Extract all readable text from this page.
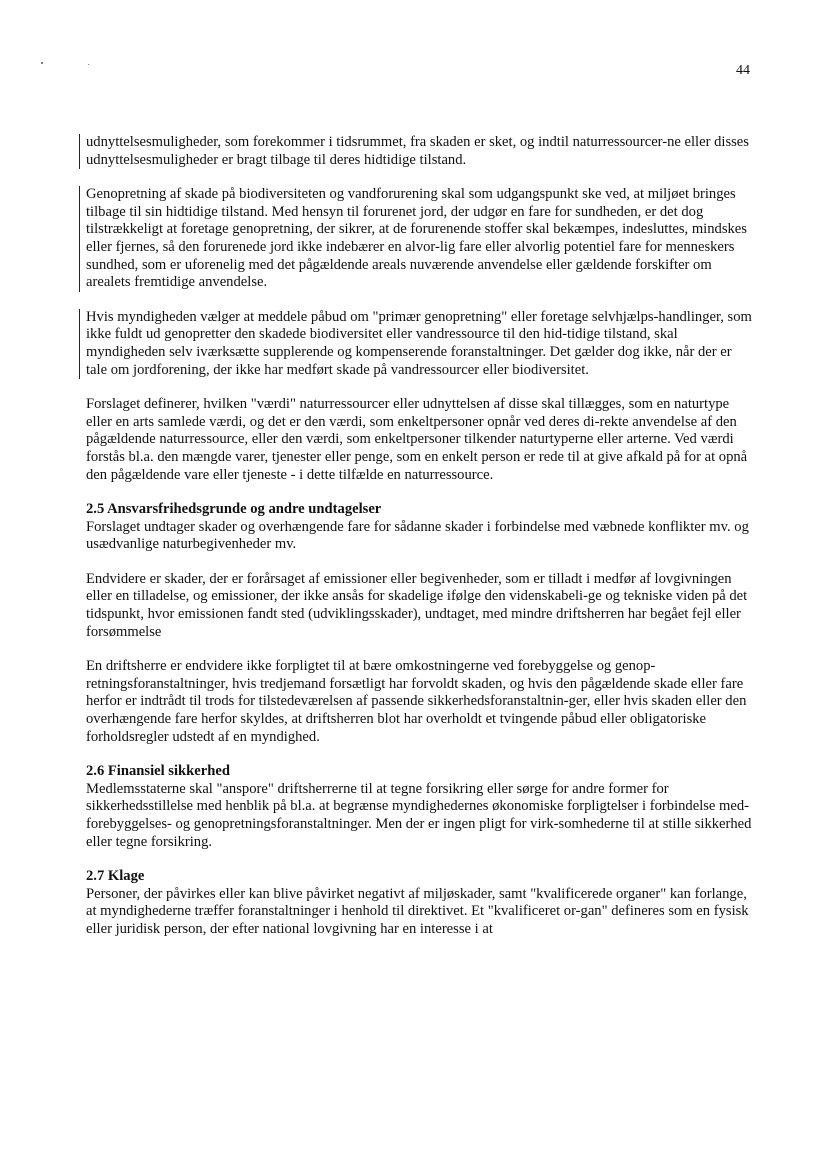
44

udnyttelsesmuligheder, som forekommer i tidsrummet, fra skaden er sket, og indtil naturressourcer-ne eller disses udnyttelsesmuligheder er bragt tilbage til deres hidtidige tilstand.

Genopretning af skade på biodiversiteten og vandforurening skal som udgangspunkt ske ved, at miljøet bringes tilbage til sin hidtidige tilstand. Med hensyn til forurenet jord, der udgør en fare for sundheden, er det dog tilstrækkeligt at foretage genopretning, der sikrer, at de forurenende stoffer skal bekæmpes, indesluttes, mindskes eller fjernes, så den forurenede jord ikke indebærer en alvor-lig fare eller alvorlig potentiel fare for menneskers sundhed, som er uforenelig med det pågældende areals nuværende anvendelse eller gældende forskifter om arealets fremtidige anvendelse.

Hvis myndigheden vælger at meddele påbud om "primær genopretning" eller foretage selvhjælps-handlinger, som ikke fuldt ud genopretter den skadede biodiversitet eller vandressource til den hid-tidige tilstand, skal myndigheden selv iværksætte supplerende og kompenserende foranstaltninger. Det gælder dog ikke, når der er tale om jordforening, der ikke har medført skade på vandressourcer eller biodiversitet.

Forslaget definerer, hvilken "værdi" naturressourcer eller udnyttelsen af disse skal tillægges, som en naturtype eller en arts samlede værdi, og det er den værdi, som enkeltpersoner opnår ved deres di-rekte anvendelse af den pågældende naturressource, eller den værdi, som enkeltpersoner tilkender naturtyperne eller arterne. Ved værdi forstås bl.a. den mængde varer, tjenester eller penge, som en enkelt person er rede til at give afkald på for at opnå den pågældende vare eller tjeneste - i dette tilfælde en naturressource.

2.5 Ansvarsfrihedsgrunde og andre undtagelser

Forslaget undtager skader og overhængende fare for sådanne skader i forbindelse med væbnede konflikter mv. og usædvanlige naturbegivenheder mv.

Endvidere er skader, der er forårsaget af emissioner eller begivenheder, som er tilladt i medfør af lovgivningen eller en tilladelse, og emissioner, der ikke ansås for skadelige ifølge den videnskabeli-ge og tekniske viden på det tidspunkt, hvor emissionen fandt sted (udviklingsskader), undtaget, med mindre driftsherren har begået fejl eller forsømmelse

En driftsherre er endvidere ikke forpligtet til at bære omkostningerne ved forebyggelse og genop-retningsforanstaltninger, hvis tredjemand forsætligt har forvoldt skaden, og hvis den pågældende skade eller fare herfor er indtrådt til trods for tilstedeværelsen af passende sikkerhedsforanstaltnin-ger, eller hvis skaden eller den overhængende fare herfor skyldes, at driftsherren blot har overholdt et tvingende påbud eller obligatoriske forholdsregler udstedt af en myndighed.

2.6 Finansiel sikkerhed

Medlemsstaterne skal "anspore" driftsherrerne til at tegne forsikring eller sørge for andre former for sikkerhedsstillelse med henblik på bl.a. at begrænse myndighedernes økonomiske forpligtelser i forbindelse med-forebyggelses- og genopretningsforanstaltninger. Men der er ingen pligt for virk-somhederne til at stille sikkerhed eller tegne forsikring.

2.7 Klage

Personer, der påvirkes eller kan blive påvirket negativt af miljøskader, samt "kvalificerede organer" kan forlange, at myndighederne træffer foranstaltninger i henhold til direktivet. Et "kvalificeret or-gan" defineres som en fysisk eller juridisk person, der efter national lovgivning har en interesse i at
